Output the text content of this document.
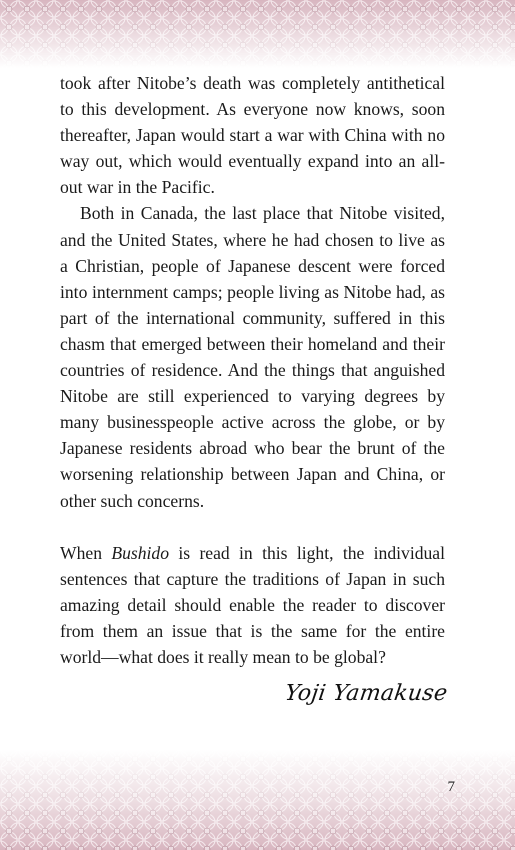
took after Nitobe’s death was completely antithetical to this development. As everyone now knows, soon thereafter, Japan would start a war with China with no way out, which would eventually expand into an all-out war in the Pacific.

Both in Canada, the last place that Nitobe visited, and the United States, where he had chosen to live as a Christian, people of Japanese descent were forced into internment camps; people living as Nitobe had, as part of the international community, suffered in this chasm that emerged between their homeland and their countries of residence. And the things that anguished Nitobe are still experienced to varying degrees by many businesspeople active across the globe, or by Japanese residents abroad who bear the brunt of the worsening relationship between Japan and China, or other such concerns.

When Bushido is read in this light, the individual sentences that capture the traditions of Japan in such amazing detail should enable the reader to discover from them an issue that is the same for the entire world—what does it really mean to be global?

Yoji Yamakuse
7
